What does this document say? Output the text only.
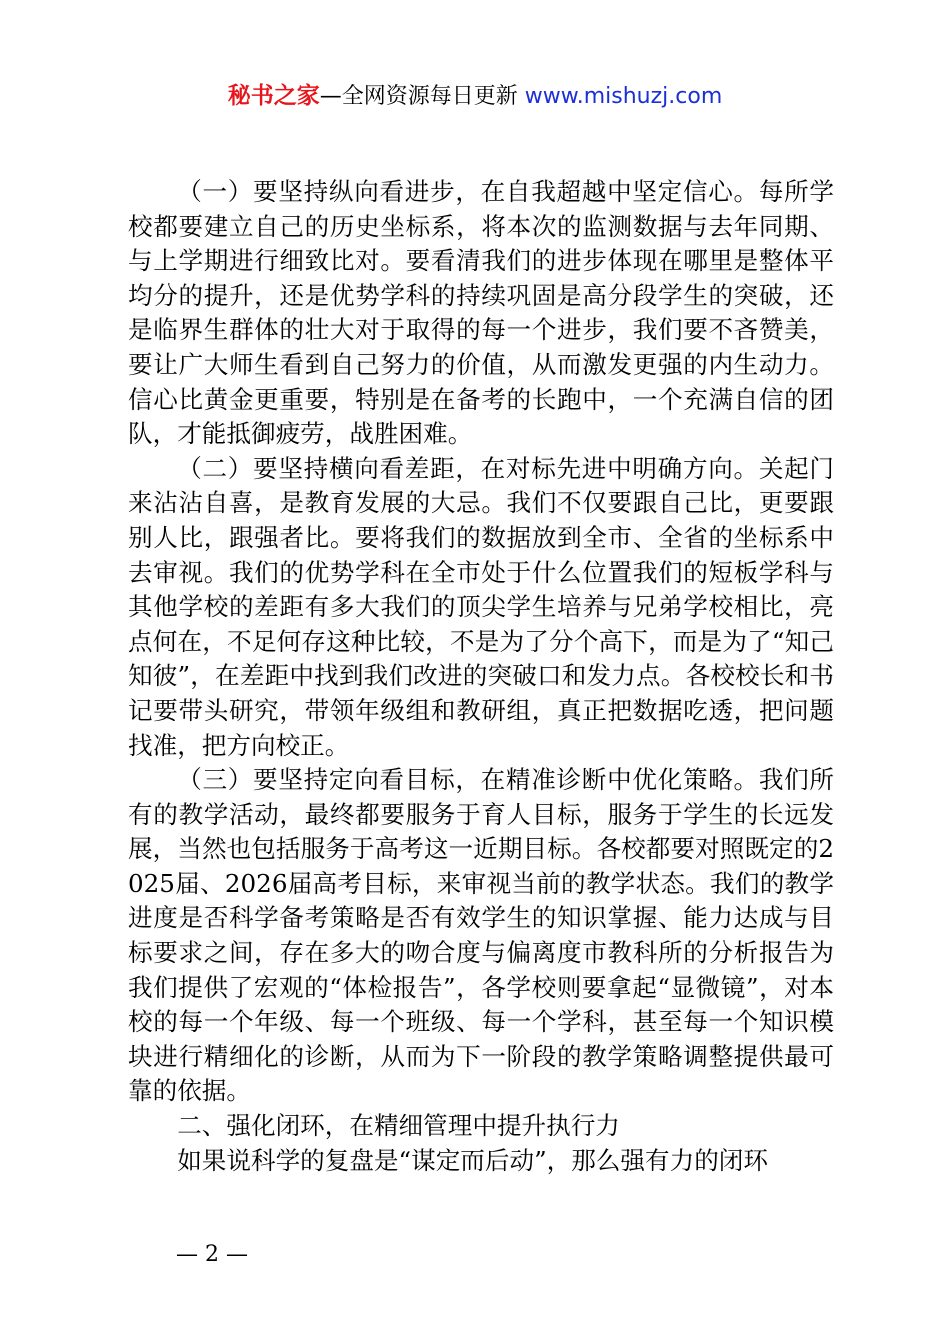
秘书之家—全网资源每日更新 www.mishuzj.com

（一）要坚持纵向看进步，在自我超越中坚定信心。每所学校都要建立自己的历史坐标系，将本次的监测数据与去年同期、与上学期进行细致比对。要看清我们的进步体现在哪里是整体平均分的提升，还是优势学科的持续巩固是高分段学生的突破，还是临界生群体的壮大对于取得的每一个进步，我们要不吝赞美，要让广大师生看到自己努力的价值，从而激发更强的内生动力。信心比黄金更重要，特别是在备考的长跑中，一个充满自信的团队，才能抵御疲劳，战胜困难。

（二）要坚持横向看差距，在对标先进中明确方向。关起门来沾沾自喜，是教育发展的大忌。我们不仅要跟自己比，更要跟别人比，跟强者比。要将我们的数据放到全市、全省的坐标系中去审视。我们的优势学科在全市处于什么位置我们的短板学科与其他学校的差距有多大我们的顶尖学生培养与兄弟学校相比，亮点何在，不足何存这种比较，不是为了分个高下，而是为了“知己知彼”，在差距中找到我们改进的突破口和发力点。各校校长和书记要带头研究，带领年级组和教研组，真正把数据吃透，把问题找准，把方向校正。

（三）要坚持定向看目标，在精准诊断中优化策略。我们所有的教学活动，最终都要服务于育人目标，服务于学生的长远发展，当然也包括服务于高考这一近期目标。各校都要对照既定的2025届、2026届高考目标，来审视当前的教学状态。我们的教学进度是否科学备考策略是否有效学生的知识掌握、能力达成与目标要求之间，存在多大的吻合度与偏离度市教科所的分析报告为我们提供了宏观的“体检报告”，各学校则要拿起“显微镜”，对本校的每一个年级、每一个班级、每一个学科，甚至每一个知识模块进行精细化的诊断，从而为下一阶段的教学策略调整提供最可靠的依据。

二、强化闭环，在精细管理中提升执行力

如果说科学的复盘是“谋定而后动”，那么强有力的闭环

— 2 —
